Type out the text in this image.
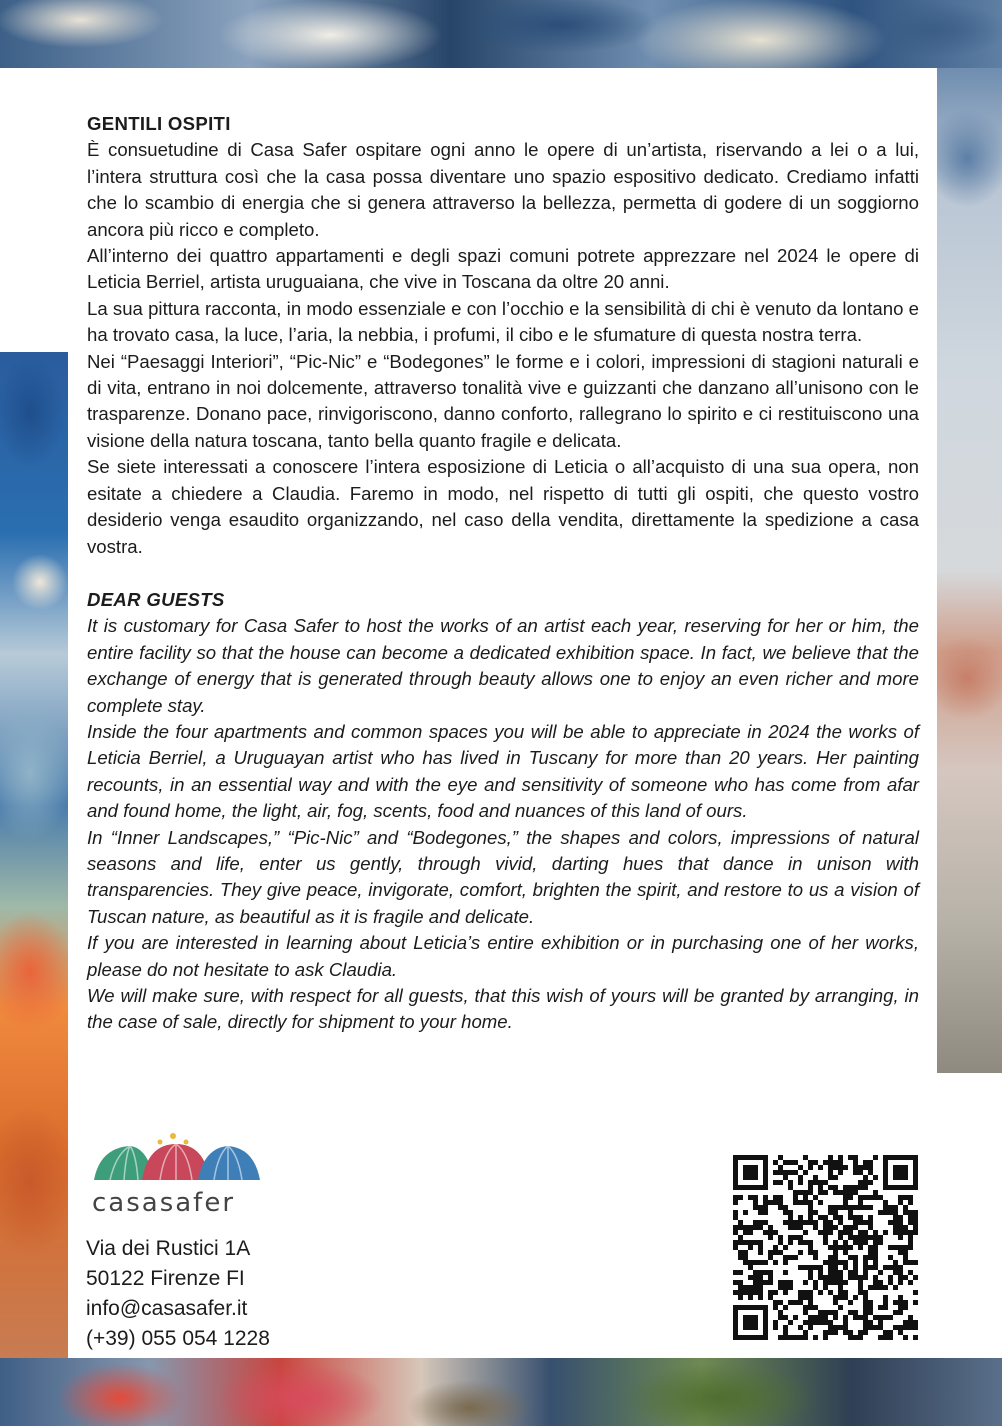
GENTILI OSPITI

È consuetudine di Casa Safer ospitare ogni anno le opere di un’artista, riservando a lei o a lui, l’intera struttura così che la casa possa diventare uno spazio espositivo dedicato. Crediamo infatti che lo scambio di energia che si genera attraverso la bellezza, permetta di godere di un soggiorno ancora più ricco e completo.

All’interno dei quattro appartamenti e degli spazi comuni potrete apprezzare nel 2024 le opere di Leticia Berriel, artista uruguaiana, che vive in Toscana da oltre 20 anni.

La sua pittura racconta, in modo essenziale e con l’occhio e la sensibilità di chi è venuto da lontano e ha trovato casa, la luce, l’aria, la nebbia, i profumi, il cibo e le sfumature di questa nostra terra.

Nei “Paesaggi Interiori”, “Pic-Nic” e “Bodegones” le forme e i colori, impressioni di stagioni naturali e di vita, entrano in noi dolcemente, attraverso tonalità vive e guizzanti che danzano all’unisono con le trasparenze. Donano pace, rinvigoriscono, danno conforto, rallegrano lo spirito e ci restituiscono una visione della natura toscana, tanto bella quanto fragile e delicata.

Se siete interessati a conoscere l’intera esposizione di Leticia o all’acquisto di una sua opera, non esitate a chiedere a Claudia. Faremo in modo, nel rispetto di tutti gli ospiti, che questo vostro desiderio venga esaudito organizzando, nel caso della vendita, direttamente la spedizione a casa vostra.

DEAR GUESTS

It is customary for Casa Safer to host the works of an artist each year, reserving for her or him, the entire facility so that the house can become a dedicated exhibition space. In fact, we believe that the exchange of energy that is generated through beauty allows one to enjoy an even richer and more complete stay.

Inside the four apartments and common spaces you will be able to appreciate in 2024 the works of Leticia Berriel, a Uruguayan artist who has lived in Tuscany for more than 20 years. Her painting recounts, in an essential way and with the eye and sensitivity of someone who has come from afar and found home, the light, air, fog, scents, food and nuances of this land of ours.

In “Inner Landscapes,” “Pic-Nic” and “Bodegones,” the shapes and colors, impressions of natural seasons and life, enter us gently, through vivid, darting hues that dance in unison with transparencies. They give peace, invigorate, comfort, brighten the spirit, and restore to us a vision of Tuscan nature, as beautiful as it is fragile and delicate.

If you are interested in learning about Leticia’s entire exhibition or in purchasing one of her works, please do not hesitate to ask Claudia.

We will make sure, with respect for all guests, that this wish of yours will be granted by arranging, in the case of sale, directly for shipment to your home.

casasafer
Via dei Rustici 1A
50122 Firenze FI
info@casasafer.it
(+39) 055 054 1228
